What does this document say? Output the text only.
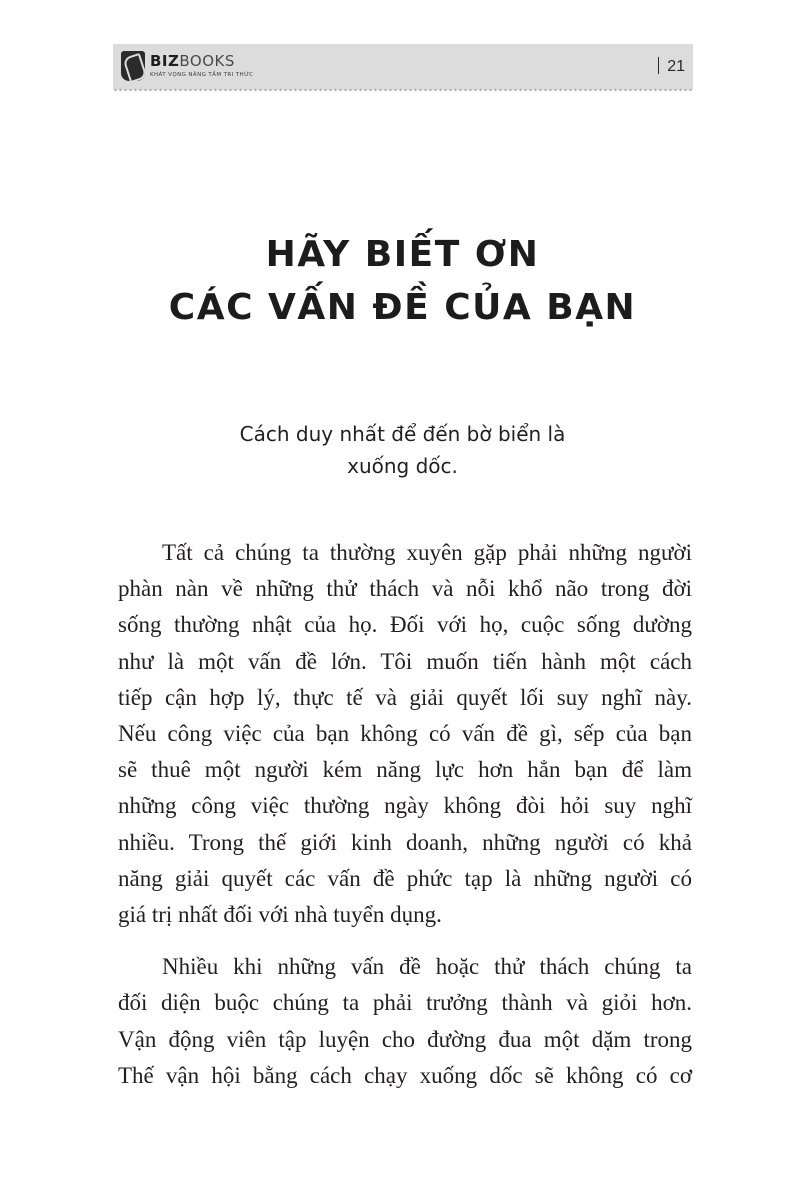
BIZBOOKS
KHÁT VỌNG NÂNG TẦM TRI THỨC	21
HÃY BIẾT ƠN
CÁC VẤN ĐỀ CỦA BẠN
Cách duy nhất để đến bờ biển là
xuống dốc.
Tất cả chúng ta thường xuyên gặp phải những người
phàn nàn về những thử thách và nỗi khổ não trong đời
sống thường nhật của họ. Đối với họ, cuộc sống dường
như là một vấn đề lớn. Tôi muốn tiến hành một cách
tiếp cận hợp lý, thực tế và giải quyết lối suy nghĩ này.
Nếu công việc của bạn không có vấn đề gì, sếp của bạn
sẽ thuê một người kém năng lực hơn hẳn bạn để làm
những công việc thường ngày không đòi hỏi suy nghĩ
nhiều. Trong thế giới kinh doanh, những người có khả
năng giải quyết các vấn đề phức tạp là những người có
giá trị nhất đối với nhà tuyển dụng.
Nhiều khi những vấn đề hoặc thử thách chúng ta
đối diện buộc chúng ta phải trưởng thành và giỏi hơn.
Vận động viên tập luyện cho đường đua một dặm trong
Thế vận hội bằng cách chạy xuống dốc sẽ không có cơ
